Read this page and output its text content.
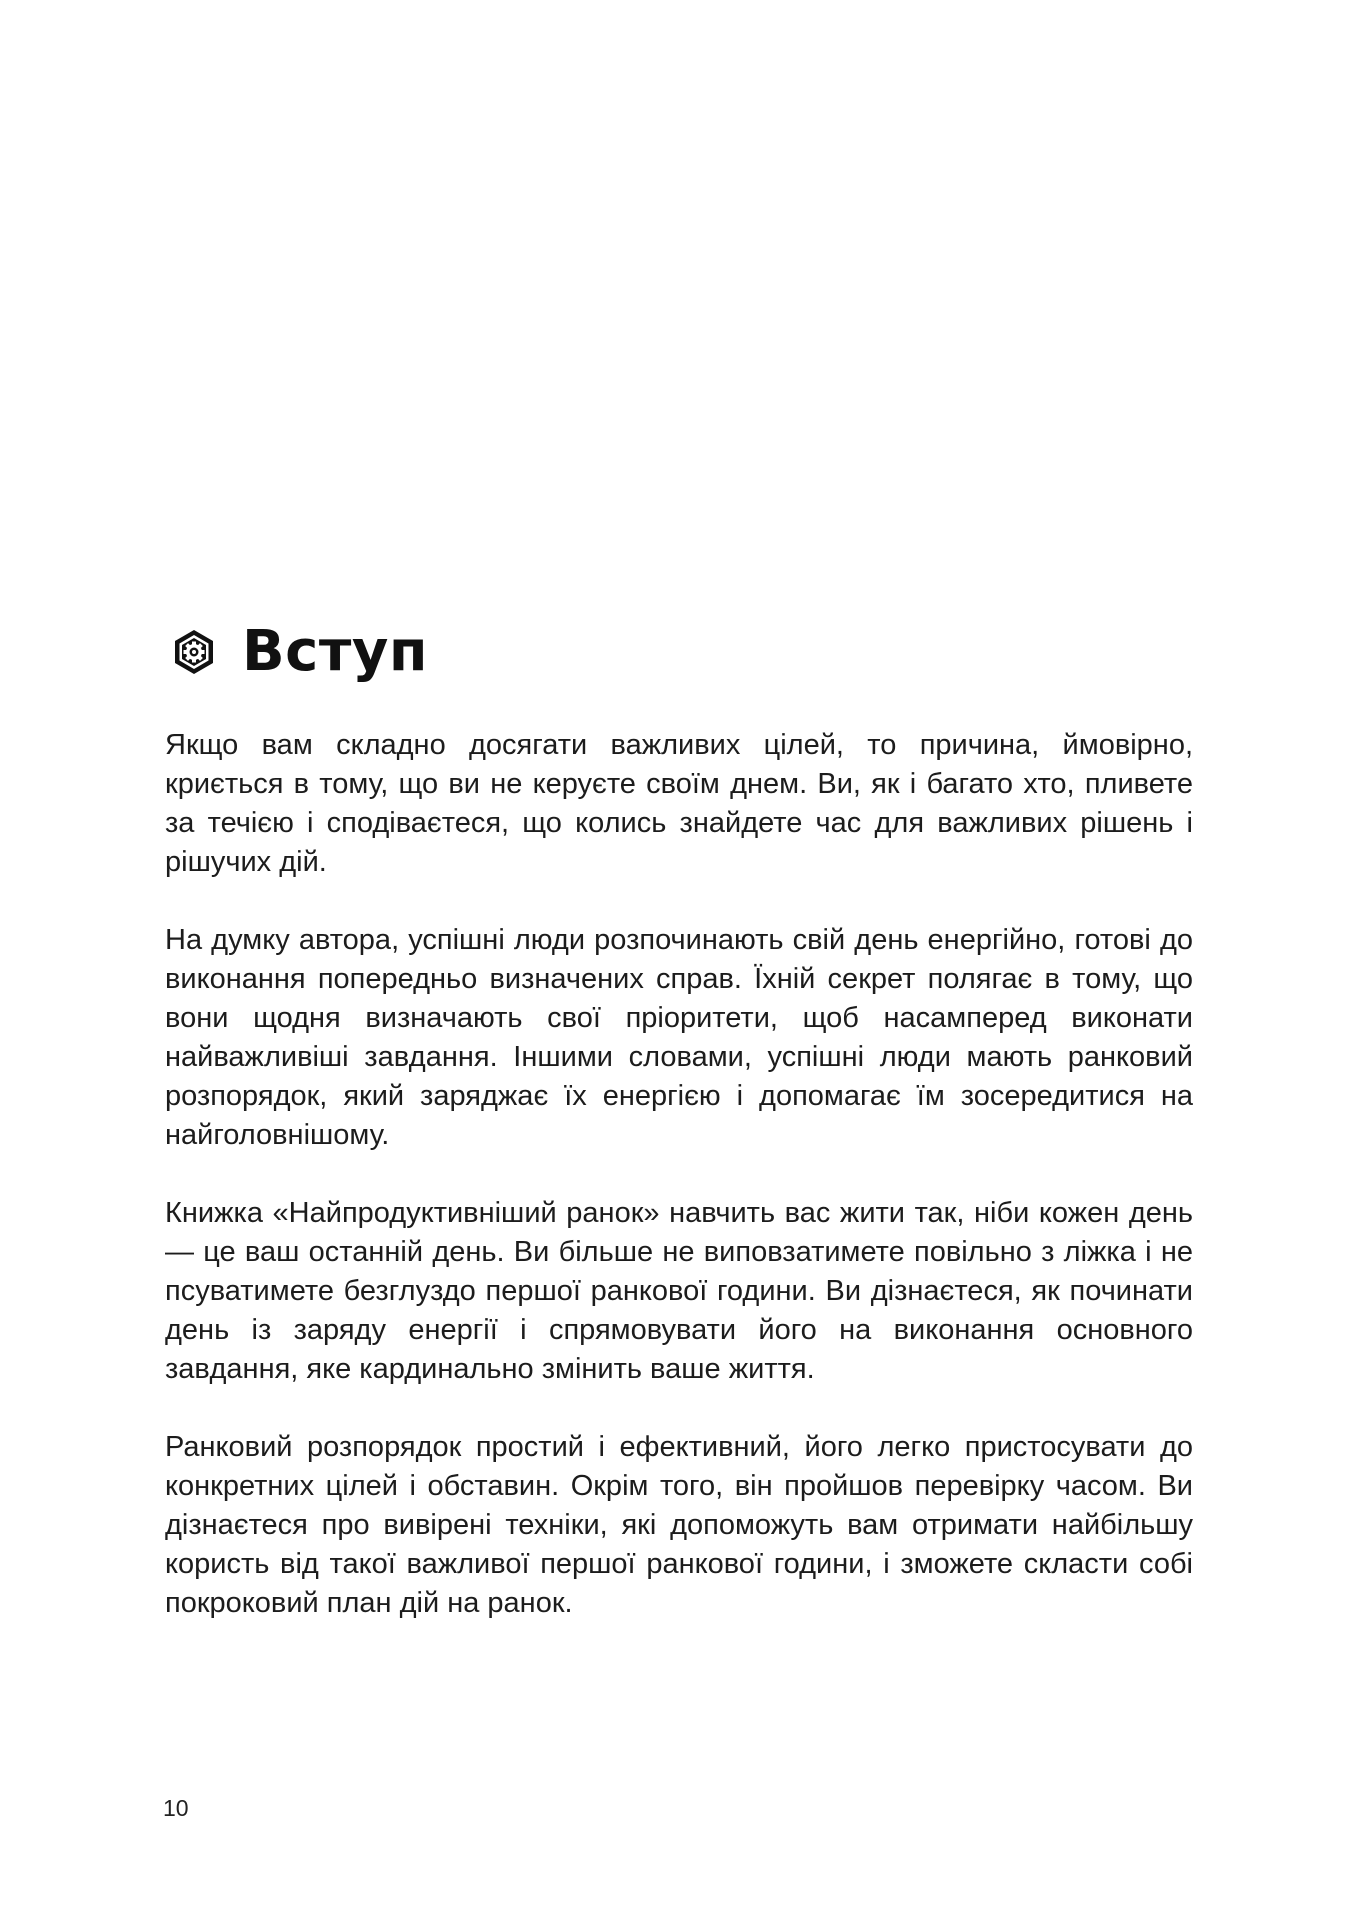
Вступ

Якщо вам складно досягати важливих цілей, то причина, ймовірно, криється в тому, що ви не керуєте своїм днем. Ви, як і багато хто, пливете за течією і сподіваєтеся, що колись знайдете час для важливих рішень і рішучих дій.

На думку автора, успішні люди розпочинають свій день енергійно, готові до виконання попередньо визначених справ. Їхній секрет полягає в тому, що вони щодня визначають свої пріоритети, щоб насамперед виконати найважливіші завдання. Іншими словами, успішні люди мають ранковий розпорядок, який заряджає їх енергією і допомагає їм зосередитися на найголовнішому.

Книжка «Найпродуктивніший ранок» навчить вас жити так, ніби кожен день — це ваш останній день. Ви більше не виповзатимете повільно з ліжка і не псуватимете безглуздо першої ранкової години. Ви дізнаєтеся, як починати день із заряду енергії і спрямовувати його на виконання основного завдання, яке кардинально змінить ваше життя.

Ранковий розпорядок простий і ефективний, його легко пристосувати до конкретних цілей і обставин. Окрім того, він пройшов перевірку часом. Ви дізнаєтеся про вивірені техніки, які допоможуть вам отримати найбільшу користь від такої важливої першої ранкової години, і зможете скласти собі покроковий план дій на ранок.

10
